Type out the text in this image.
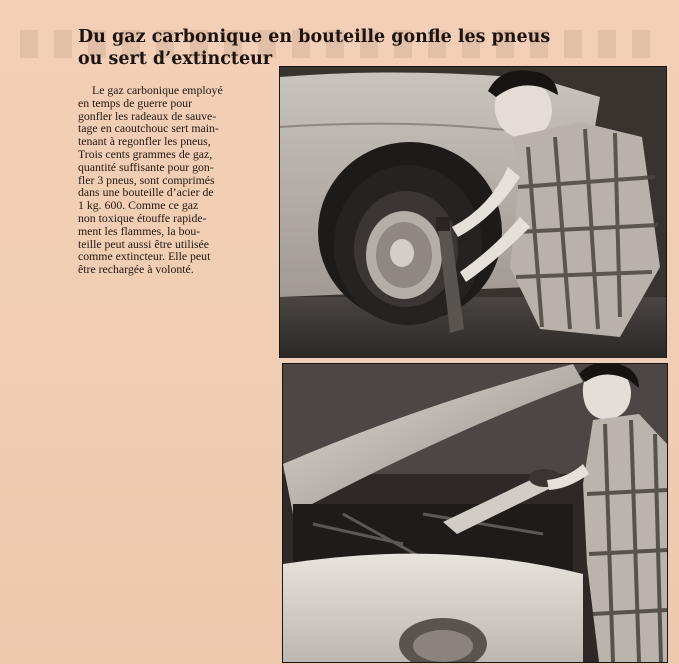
Du gaz carbonique en bouteille gonfle les pneus
ou sert d’extincteur
Le gaz carbonique employé
en temps de guerre pour
gonfler les radeaux de sauve-
tage en caoutchouc sert main-
tenant à regonfler les pneus,
Trois cents grammes de gaz,
quantité suffisante pour gon-
fler 3 pneus, sont comprimés
dans une bouteille d’acier de
1 kg. 600. Comme ce gaz
non toxique étouffe rapide-
ment les flammes, la bou-
teille peut aussi être utilisée
comme extincteur. Elle peut
être rechargée à volonté.
